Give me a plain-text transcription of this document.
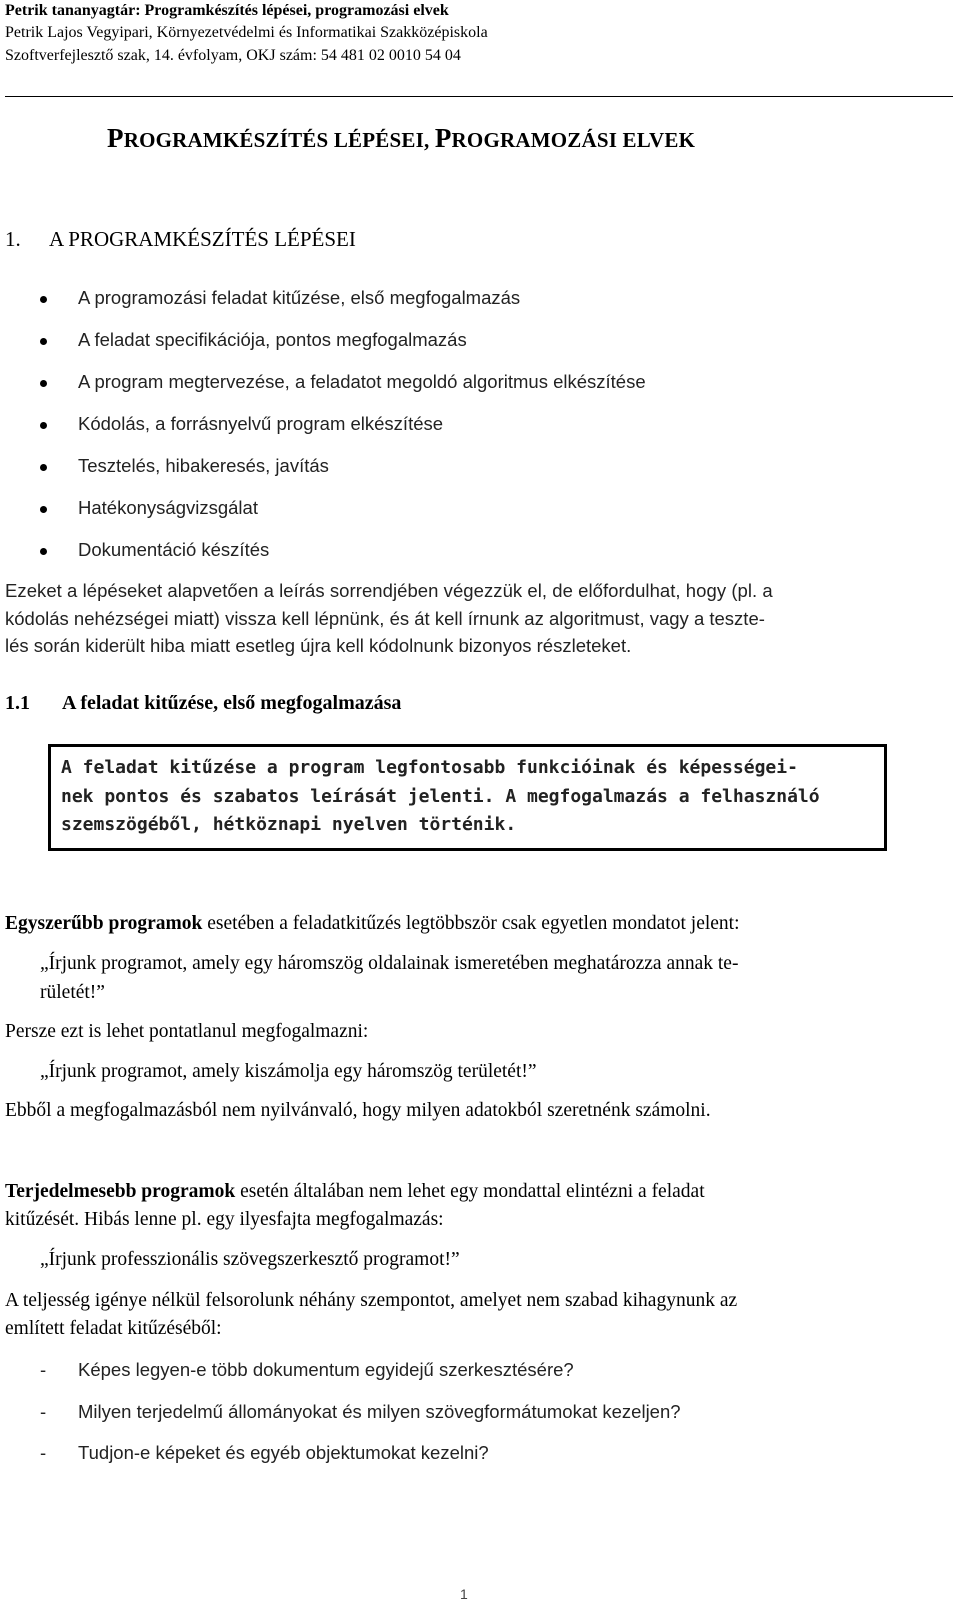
Petrik tananyagtár: Programkészítés lépései, programozási elvek
Petrik Lajos Vegyipari, Környezetvédelmi és Informatikai Szakközépiskola
Szoftverfejlesztő szak, 14. évfolyam, OKJ szám: 54 481 02 0010 54 04
PROGRAMKÉSZÍTÉS LÉPÉSEI, PROGRAMOZÁSI ELVEK
1. A PROGRAMKÉSZÍTÉS LÉPÉSEI
A programozási feladat kitűzése, első megfogalmazás
A feladat specifikációja, pontos megfogalmazás
A program megtervezése, a feladatot megoldó algoritmus elkészítése
Kódolás, a forrásnyelvű program elkészítése
Tesztelés, hibakeresés, javítás
Hatékonyságvizsgálat
Dokumentáció készítés
Ezeket a lépéseket alapvetően a leírás sorrendjében végezzük el, de előfordulhat, hogy (pl. a
kódolás nehézségei miatt) vissza kell lépnünk, és át kell írnunk az algoritmust, vagy a teszte-
lés során kiderült hiba miatt esetleg újra kell kódolnunk bizonyos részleteket.
1.1 A feladat kitűzése, első megfogalmazása
A feladat kitűzése a program legfontosabb funkcióinak és képességei-
nek pontos és szabatos leírását jelenti. A megfogalmazás a felhasználó
szemszögéből, hétköznapi nyelven történik.
Egyszerűbb programok esetében a feladatkitűzés legtöbbször csak egyetlen mondatot jelent:
„Írjunk programot, amely egy háromszög oldalainak ismeretében meghatározza annak te-
rületét!”
Persze ezt is lehet pontatlanul megfogalmazni:
„Írjunk programot, amely kiszámolja egy háromszög területét!”
Ebből a megfogalmazásból nem nyilvánvaló, hogy milyen adatokból szeretnénk számolni.
Terjedelmesebb programok esetén általában nem lehet egy mondattal elintézni a feladat
kitűzését. Hibás lenne pl. egy ilyesfajta megfogalmazás:
„Írjunk professzionális szövegszerkesztő programot!”
A teljesség igénye nélkül felsorolunk néhány szempontot, amelyet nem szabad kihagynunk az
említett feladat kitűzéséből:
- Képes legyen-e több dokumentum egyidejű szerkesztésére?
- Milyen terjedelmű állományokat és milyen szövegformátumokat kezeljen?
- Tudjon-e képeket és egyéb objektumokat kezelni?
1
